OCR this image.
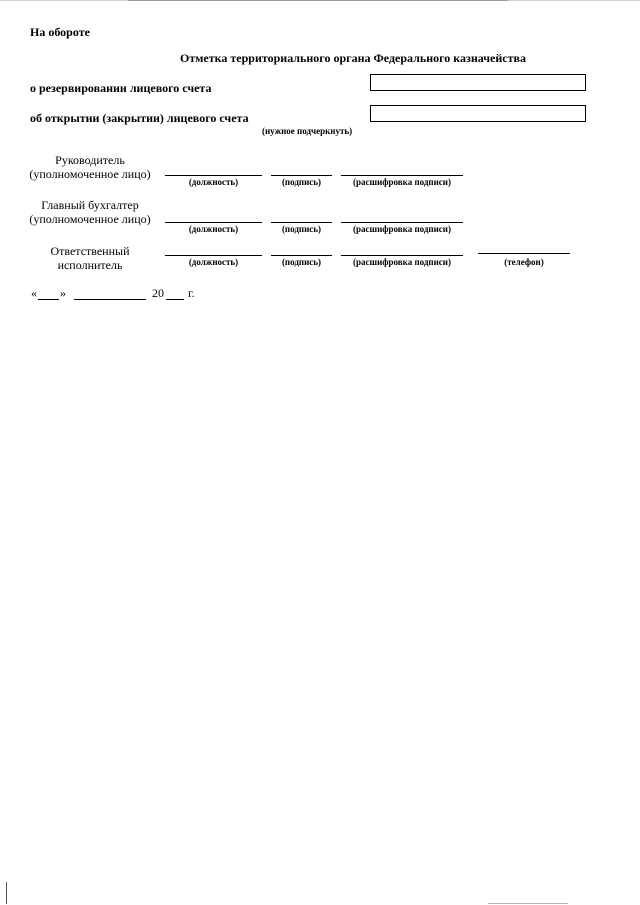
На обороте
Отметка территориального органа Федерального казначейства
о резервировании лицевого счета
об открытии (закрытии) лицевого счета
(нужное подчеркнуть)
Руководитель
(уполномоченное лицо)
(должность)	(подпись)	(расшифровка подписи)
Главный бухгалтер
(уполномоченное лицо)
(должность)	(подпись)	(расшифровка подписи)
Ответственный
исполнитель	(должность)	(подпись)	(расшифровка подписи)	(телефон)
« »	20 г.
